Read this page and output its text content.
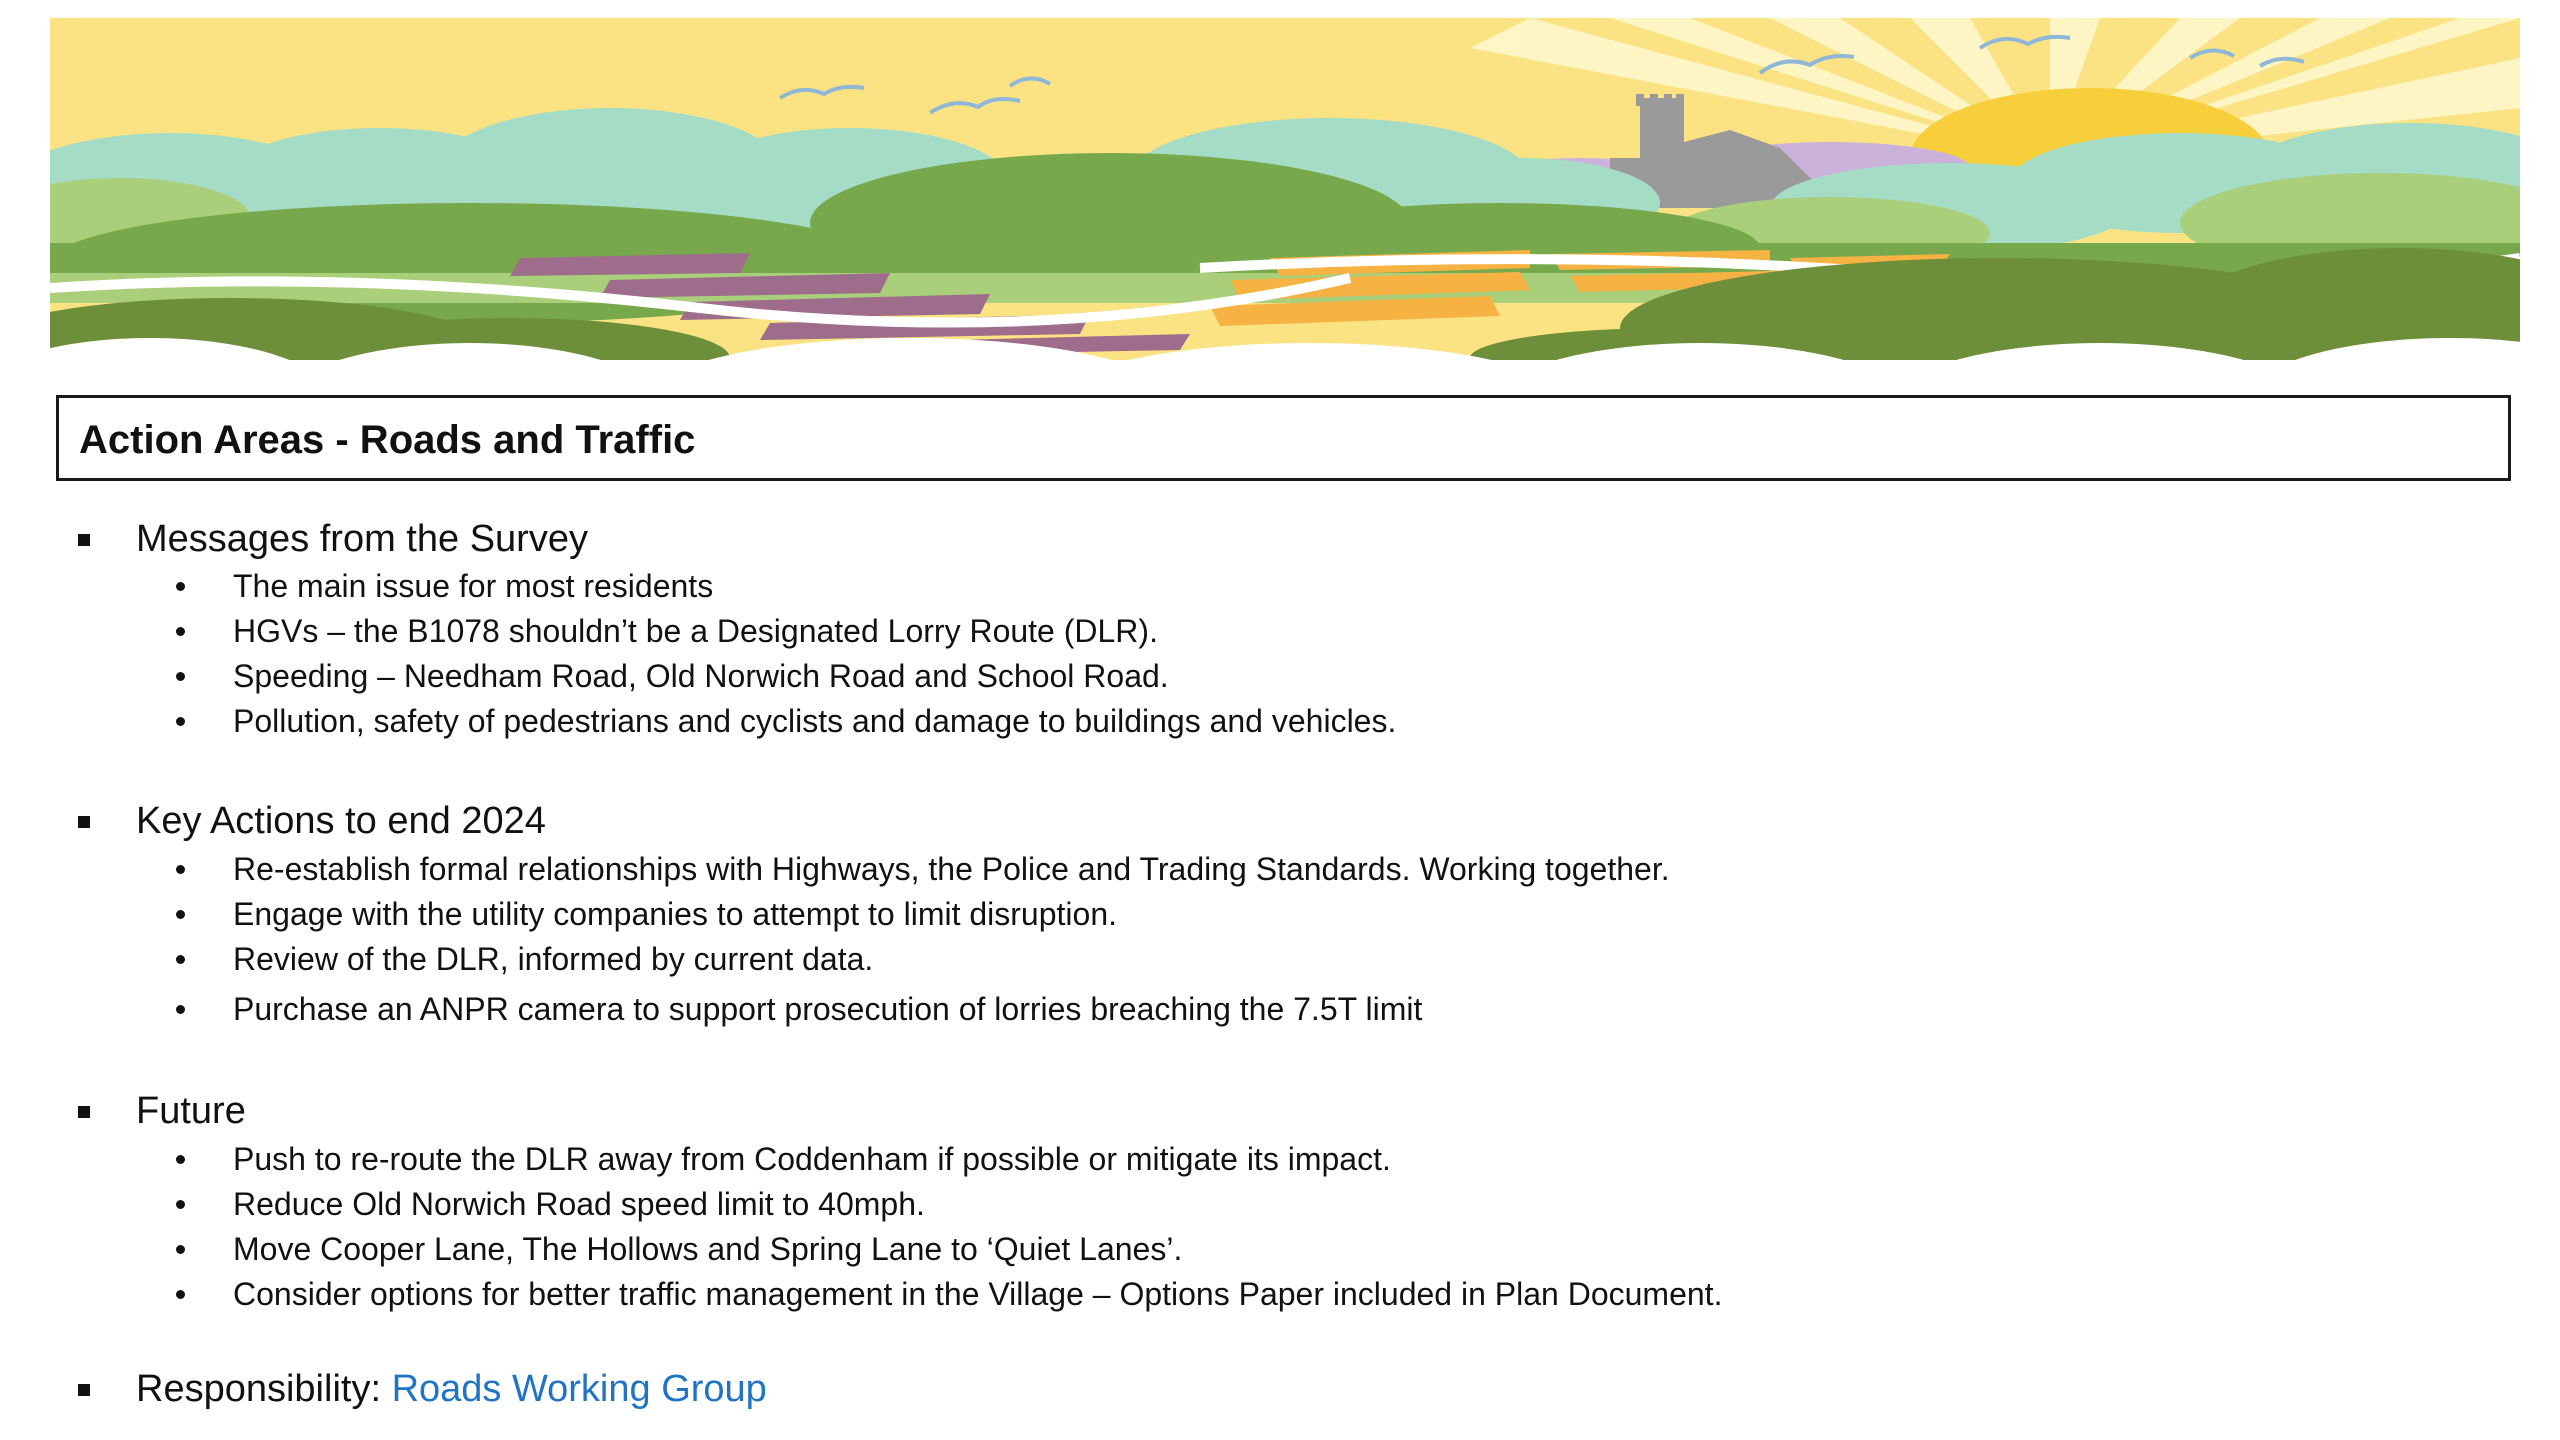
Action Areas - Roads and Traffic
Messages from the Survey
The main issue for most residents
HGVs – the B1078 shouldn’t be a Designated Lorry Route (DLR).
Speeding – Needham Road, Old Norwich Road and School Road.
Pollution, safety of pedestrians and cyclists and damage to buildings and vehicles.
Key Actions to end 2024
Re-establish formal relationships with Highways, the Police and Trading Standards. Working together.
Engage with the utility companies to attempt to limit disruption.
Review of the DLR, informed by current data.
Purchase an ANPR camera to support prosecution of lorries breaching the 7.5T limit
Future
Push to re-route the DLR away from Coddenham if possible or mitigate its impact.
Reduce Old Norwich Road speed limit to 40mph.
Move Cooper Lane, The Hollows and Spring Lane to ‘Quiet Lanes’.
Consider options for better traffic management in the Village – Options Paper included in Plan Document.
Responsibility: Roads Working Group
